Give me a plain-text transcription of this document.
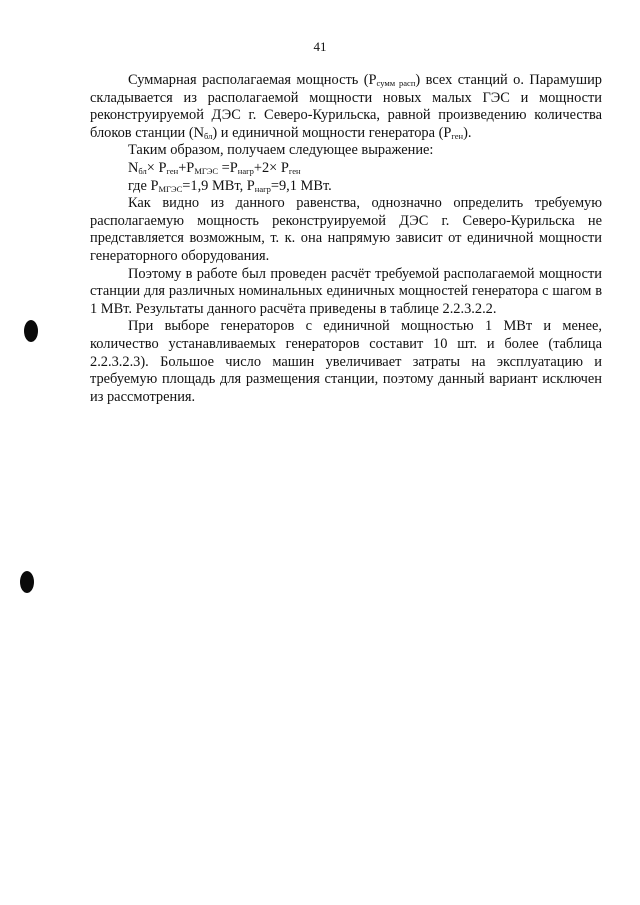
41

Суммарная располагаемая мощность $(P_{сумм расп})$ всех станций о. Парамушир складывается из располагаемой мощности новых малых ГЭС и мощности реконструируемой ДЭС г. Северо-Курильска, равной произведению количества блоков станции $(N_{бл})$ и единичной мощности генератора $(P_{ген})$.

Таким образом, получаем следующее выражение:

$N_{бл}\times P_{ген}+P_{МГЭС} =P_{нагр}+2\times P_{ген}$

где $P_{МГЭС}=1,9$ МВт, $P_{нагр}=9,1$ МВт.

Как видно из данного равенства, однозначно определить требуемую располагаемую мощность реконструируемой ДЭС г. Северо-Курильска не представляется возможным, т. к. она напрямую зависит от единичной мощности генераторного оборудования.

Поэтому в работе был проведен расчёт требуемой располагаемой мощности станции для различных номинальных единичных мощностей генератора с шагом в 1 МВт. Результаты данного расчёта приведены в таблице 2.2.3.2.2.

При выборе генераторов с единичной мощностью 1 МВт и менее, количество устанавливаемых генераторов составит 10 шт. и более (таблица 2.2.3.2.3). Большое число машин увеличивает затраты на эксплуатацию и требуемую площадь для размещения станции, поэтому данный вариант исключен из рассмотрения.
